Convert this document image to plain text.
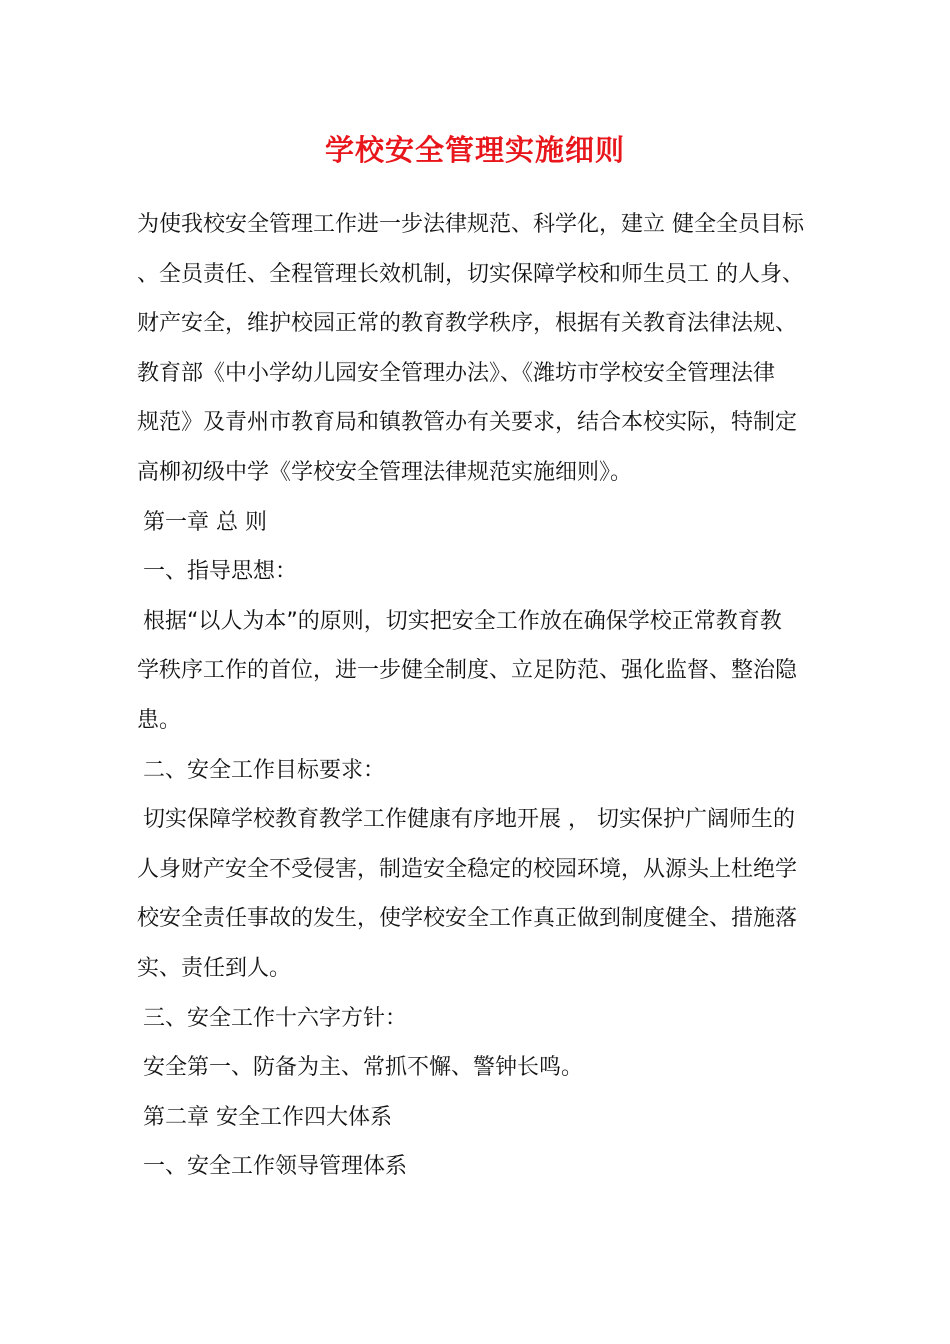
学校安全管理实施细则

为使我校安全管理工作进一步法律规范、科学化，建立 健全全员目标

、全员责任、全程管理长效机制，切实保障学校和师生员工 的人身、

财产安全，维护校园正常的教育教学秩序，根据有关教育法律法规、

教育部《中小学幼儿园安全管理办法》、《潍坊市学校安全管理法律

规范》及青州市教育局和镇教管办有关要求，结合本校实际，特制定

高柳初级中学《学校安全管理法律规范实施细则》。

第一章 总 则

一、指导思想：

根据“以人为本”的原则，切实把安全工作放在确保学校正常教育教

学秩序工作的首位，进一步健全制度、立足防范、强化监督、整治隐

患。

二、安全工作目标要求：

切实保障学校教育教学工作健康有序地开展 ， 切实保护广阔师生的

人身财产安全不受侵害，制造安全稳定的校园环境，从源头上杜绝学

校安全责任事故的发生，使学校安全工作真正做到制度健全、措施落

实、责任到人。

三、安全工作十六字方针：

安全第一、防备为主、常抓不懈、警钟长鸣。

第二章 安全工作四大体系

一、安全工作领导管理体系
